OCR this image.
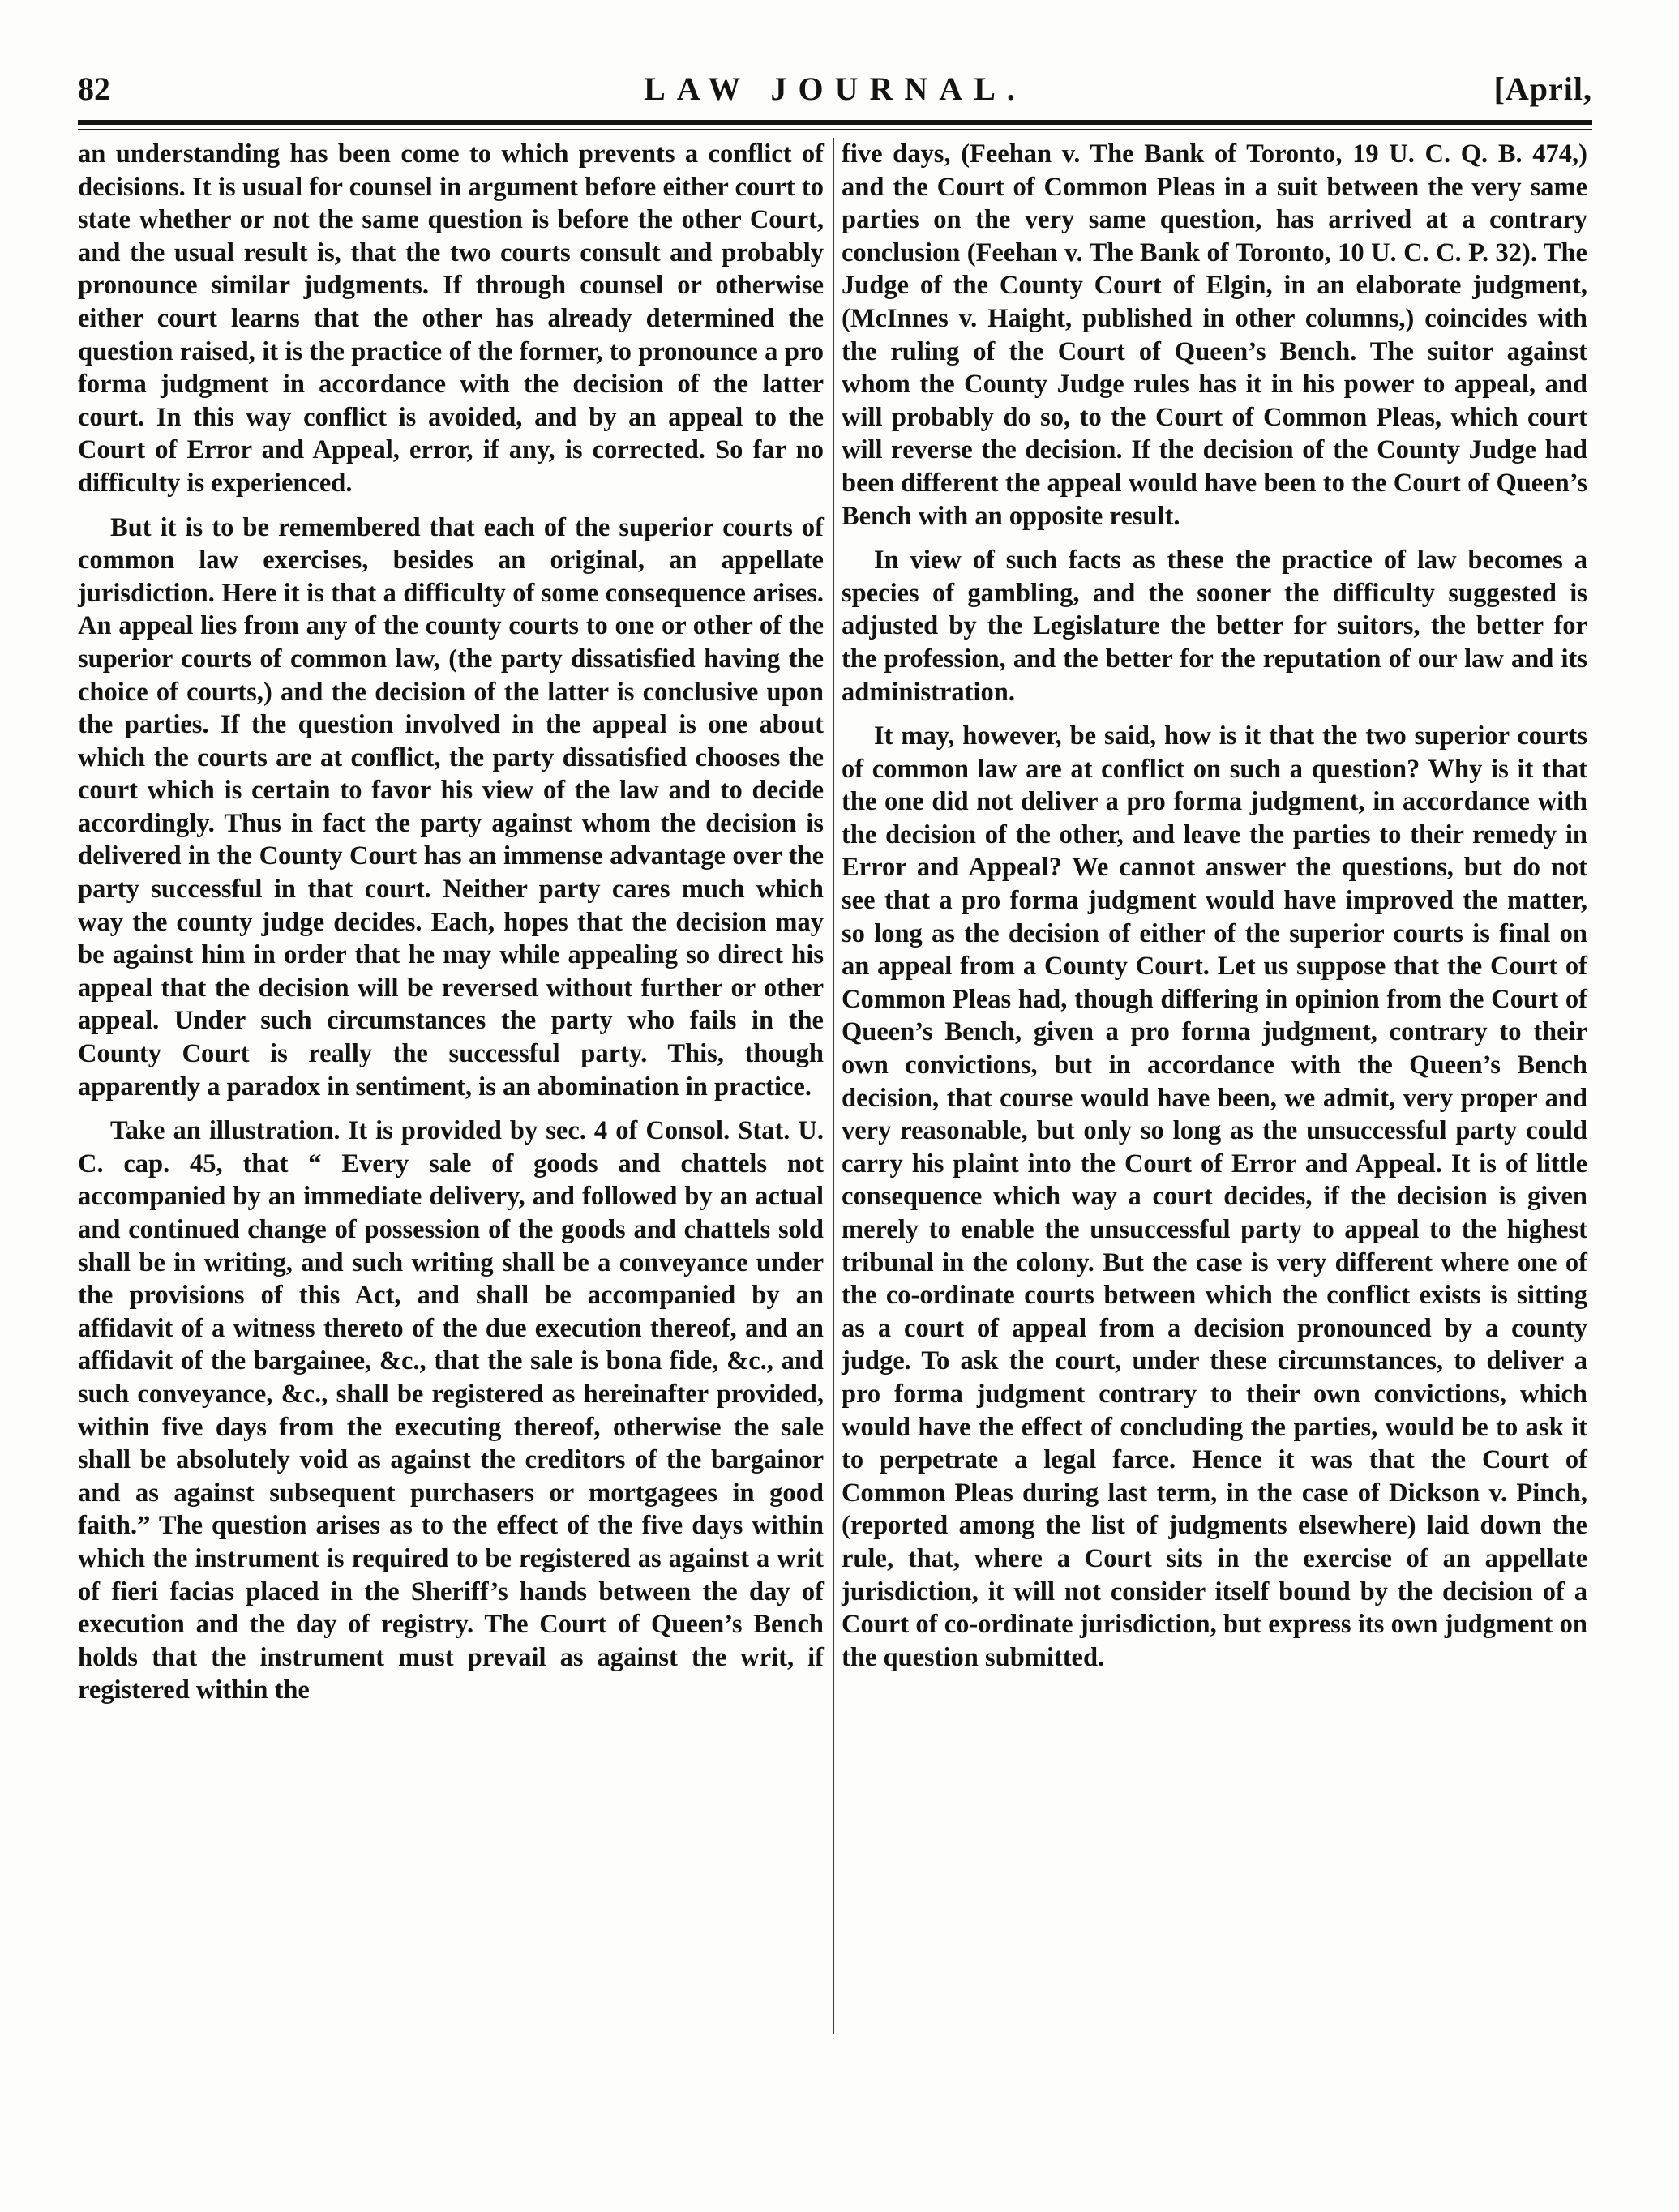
82	LAW JOURNAL.	[April,

an understanding has been come to which prevents a conflict of decisions. It is usual for counsel in argument before either court to state whether or not the same question is before the other Court, and the usual result is, that the two courts consult and probably pronounce similar judgments. If through counsel or otherwise either court learns that the other has already determined the question raised, it is the practice of the former, to pronounce a pro forma judgment in accordance with the decision of the latter court. In this way conflict is avoided, and by an appeal to the Court of Error and Appeal, error, if any, is corrected. So far no difficulty is experienced.

But it is to be remembered that each of the superior courts of common law exercises, besides an original, an appellate jurisdiction. Here it is that a difficulty of some consequence arises. An appeal lies from any of the county courts to one or other of the superior courts of common law, (the party dissatisfied having the choice of courts,) and the decision of the latter is conclusive upon the parties. If the question involved in the appeal is one about which the courts are at conflict, the party dissatisfied chooses the court which is certain to favor his view of the law and to decide accordingly. Thus in fact the party against whom the decision is delivered in the County Court has an immense advantage over the party successful in that court. Neither party cares much which way the county judge decides. Each, hopes that the decision may be against him in order that he may while appealing so direct his appeal that the decision will be reversed without further or other appeal. Under such circumstances the party who fails in the County Court is really the successful party. This, though apparently a paradox in sentiment, is an abomination in practice.

Take an illustration. It is provided by sec. 4 of Consol. Stat. U. C. cap. 45, that “ Every sale of goods and chattels not accompanied by an immediate delivery, and followed by an actual and continued change of possession of the goods and chattels sold shall be in writing, and such writing shall be a conveyance under the provisions of this Act, and shall be accompanied by an affidavit of a witness thereto of the due execution thereof, and an affidavit of the bargainee, &c., that the sale is bona fide, &c., and such conveyance, &c., shall be registered as hereinafter provided, within five days from the executing thereof, otherwise the sale shall be absolutely void as against the creditors of the bargainor and as against subsequent purchasers or mortgagees in good faith.” The question arises as to the effect of the five days within which the instrument is required to be registered as against a writ of fieri facias placed in the Sheriff’s hands between the day of execution and the day of registry. The Court of Queen’s Bench holds that the instrument must prevail as against the writ, if registered within the

five days, (Feehan v. The Bank of Toronto, 19 U. C. Q. B. 474,) and the Court of Common Pleas in a suit between the very same parties on the very same question, has arrived at a contrary conclusion (Feehan v. The Bank of Toronto, 10 U. C. C. P. 32). The Judge of the County Court of Elgin, in an elaborate judgment, (McInnes v. Haight, published in other columns,) coincides with the ruling of the Court of Queen’s Bench. The suitor against whom the County Judge rules has it in his power to appeal, and will probably do so, to the Court of Common Pleas, which court will reverse the decision. If the decision of the County Judge had been different the appeal would have been to the Court of Queen’s Bench with an opposite result.

In view of such facts as these the practice of law becomes a species of gambling, and the sooner the difficulty suggested is adjusted by the Legislature the better for suitors, the better for the profession, and the better for the reputation of our law and its administration.

It may, however, be said, how is it that the two superior courts of common law are at conflict on such a question? Why is it that the one did not deliver a pro forma judgment, in accordance with the decision of the other, and leave the parties to their remedy in Error and Appeal? We cannot answer the questions, but do not see that a pro forma judgment would have improved the matter, so long as the decision of either of the superior courts is final on an appeal from a County Court. Let us suppose that the Court of Common Pleas had, though differing in opinion from the Court of Queen’s Bench, given a pro forma judgment, contrary to their own convictions, but in accordance with the Queen’s Bench decision, that course would have been, we admit, very proper and very reasonable, but only so long as the unsuccessful party could carry his plaint into the Court of Error and Appeal. It is of little consequence which way a court decides, if the decision is given merely to enable the unsuccessful party to appeal to the highest tribunal in the colony. But the case is very different where one of the co-ordinate courts between which the conflict exists is sitting as a court of appeal from a decision pronounced by a county judge. To ask the court, under these circumstances, to deliver a pro forma judgment contrary to their own convictions, which would have the effect of concluding the parties, would be to ask it to perpetrate a legal farce. Hence it was that the Court of Common Pleas during last term, in the case of Dickson v. Pinch, (reported among the list of judgments elsewhere) laid down the rule, that, where a Court sits in the exercise of an appellate jurisdiction, it will not consider itself bound by the decision of a Court of co-ordinate jurisdiction, but express its own judgment on the question submitted.
